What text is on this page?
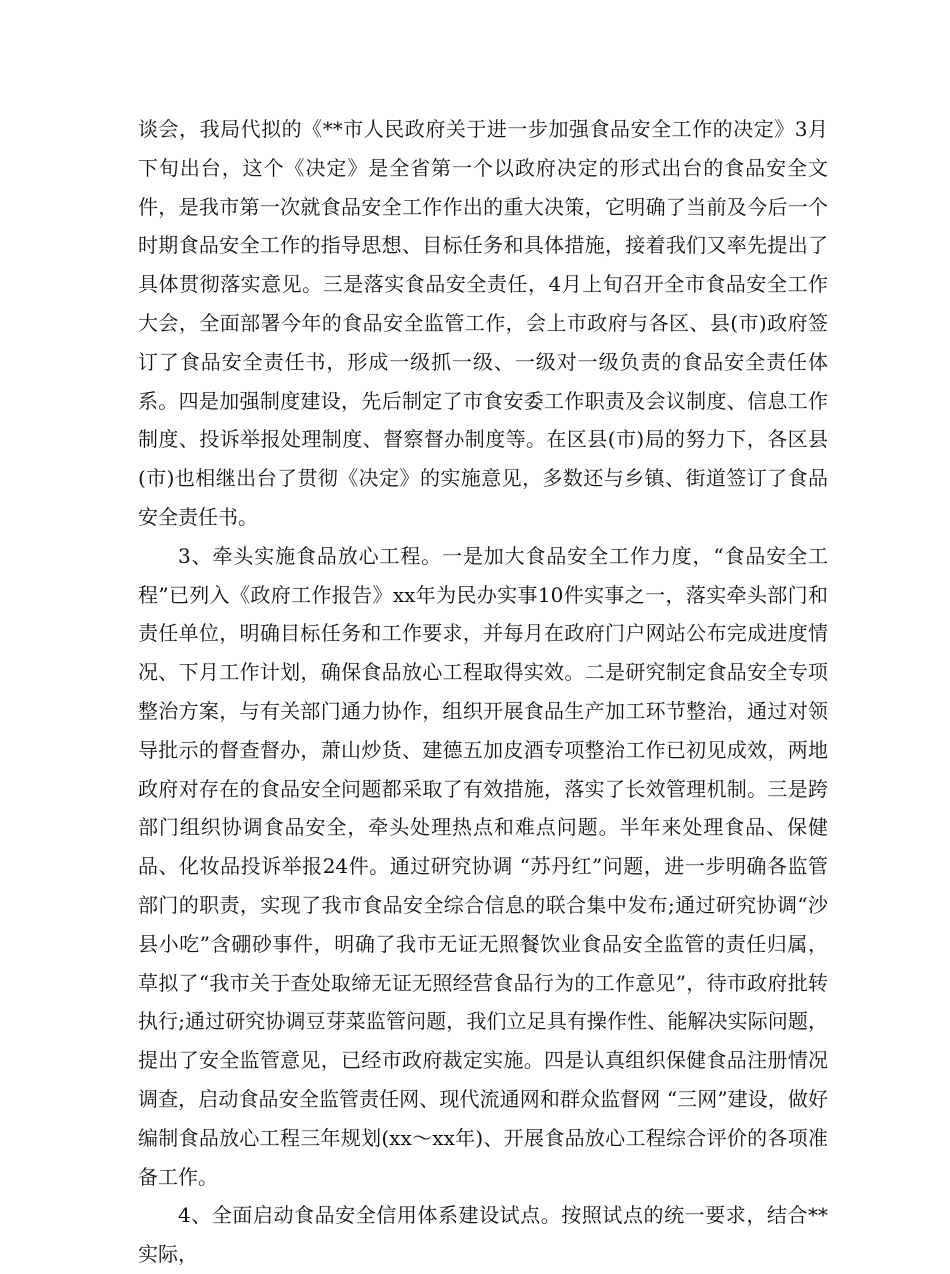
谈会，我局代拟的《**市人民政府关于进一步加强食品安全工作的决定》3月下旬出台，这个《决定》是全省第一个以政府决定的形式出台的食品安全文件，是我市第一次就食品安全工作作出的重大决策，它明确了当前及今后一个时期食品安全工作的指导思想、目标任务和具体措施，接着我们又率先提出了具体贯彻落实意见。三是落实食品安全责任，4月上旬召开全市食品安全工作大会，全面部署今年的食品安全监管工作，会上市政府与各区、县(市)政府签订了食品安全责任书，形成一级抓一级、一级对一级负责的食品安全责任体系。四是加强制度建设，先后制定了市食安委工作职责及会议制度、信息工作制度、投诉举报处理制度、督察督办制度等。在区县(市)局的努力下，各区县(市)也相继出台了贯彻《决定》的实施意见，多数还与乡镇、街道签订了食品安全责任书。

3、牵头实施食品放心工程。一是加大食品安全工作力度，“食品安全工程”已列入《政府工作报告》xx年为民办实事10件实事之一，落实牵头部门和责任单位，明确目标任务和工作要求，并每月在政府门户网站公布完成进度情况、下月工作计划，确保食品放心工程取得实效。二是研究制定食品安全专项整治方案，与有关部门通力协作，组织开展食品生产加工环节整治，通过对领导批示的督查督办，萧山炒货、建德五加皮酒专项整治工作已初见成效，两地政府对存在的食品安全问题都采取了有效措施，落实了长效管理机制。三是跨部门组织协调食品安全，牵头处理热点和难点问题。半年来处理食品、保健品、化妆品投诉举报24件。通过研究协调 “苏丹红”问题，进一步明确各监管部门的职责，实现了我市食品安全综合信息的联合集中发布;通过研究协调“沙县小吃”含硼砂事件，明确了我市无证无照餐饮业食品安全监管的责任归属，草拟了“我市关于查处取缔无证无照经营食品行为的工作意见”，待市政府批转执行;通过研究协调豆芽菜监管问题，我们立足具有操作性、能解决实际问题，提出了安全监管意见，已经市政府裁定实施。四是认真组织保健食品注册情况调查，启动食品安全监管责任网、现代流通网和群众监督网 “三网”建设，做好编制食品放心工程三年规划(xx～xx年)、开展食品放心工程综合评价的各项准备工作。

4、全面启动食品安全信用体系建设试点。按照试点的统一要求，结合**实际，
